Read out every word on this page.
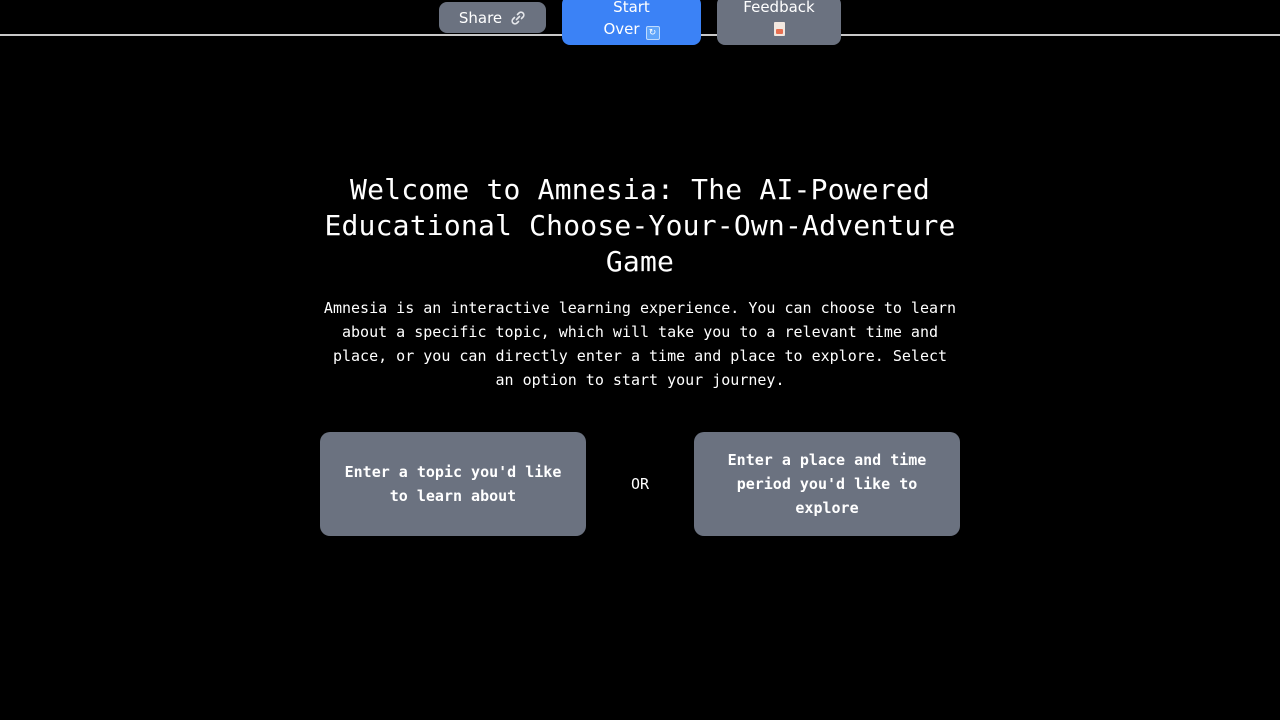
Share
Start
Over ↻
Feedback
Welcome to Amnesia: The AI-Powered Educational Choose-Your-Own-Adventure Game

Amnesia is an interactive learning experience. You can choose to learn about a specific topic, which will take you to a relevant time and place, or you can directly enter a time and place to explore. Select an option to start your journey.

Enter a topic you'd like to learn about
OR
Enter a place and time period you'd like to explore
